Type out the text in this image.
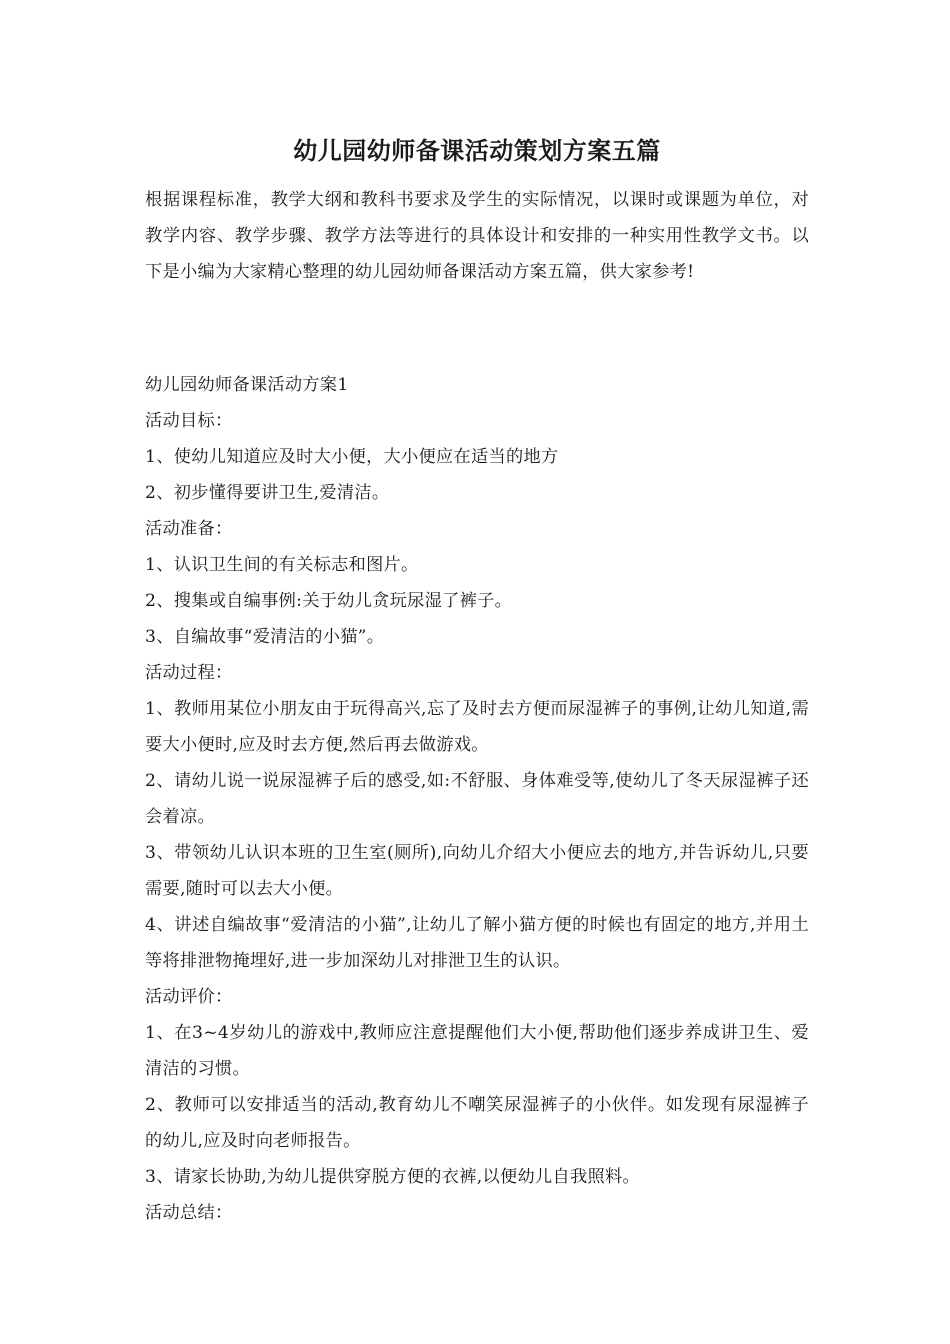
幼儿园幼师备课活动策划方案五篇

根据课程标准，教学大纲和教科书要求及学生的实际情况，以课时或课题为单位，对教学内容、教学步骤、教学方法等进行的具体设计和安排的一种实用性教学文书。以下是小编为大家精心整理的幼儿园幼师备课活动方案五篇，供大家参考!

幼儿园幼师备课活动方案1

活动目标：

1、使幼儿知道应及时大小便，大小便应在适当的地方

2、初步懂得要讲卫生,爱清洁。

活动准备：

1、认识卫生间的有关标志和图片。

2、搜集或自编事例:关于幼儿贪玩尿湿了裤子。

3、自编故事“爱清洁的小猫”。

活动过程：

1、教师用某位小朋友由于玩得高兴,忘了及时去方便而尿湿裤子的事例,让幼儿知道,需要大小便时,应及时去方便,然后再去做游戏。

2、请幼儿说一说尿湿裤子后的感受,如:不舒服、身体难受等,使幼儿了冬天尿湿裤子还会着凉。

3、带领幼儿认识本班的卫生室(厕所),向幼儿介绍大小便应去的地方,并告诉幼儿,只要需要,随时可以去大小便。

4、讲述自编故事“爱清洁的小猫”,让幼儿了解小猫方便的时候也有固定的地方,并用土等将排泄物掩埋好,进一步加深幼儿对排泄卫生的认识。

活动评价：

1、在3~4岁幼儿的游戏中,教师应注意提醒他们大小便,帮助他们逐步养成讲卫生、爱清洁的习惯。

2、教师可以安排适当的活动,教育幼儿不嘲笑尿湿裤子的小伙伴。如发现有尿湿裤子的幼儿,应及时向老师报告。

3、请家长协助,为幼儿提供穿脱方便的衣裤,以便幼儿自我照料。

活动总结：
